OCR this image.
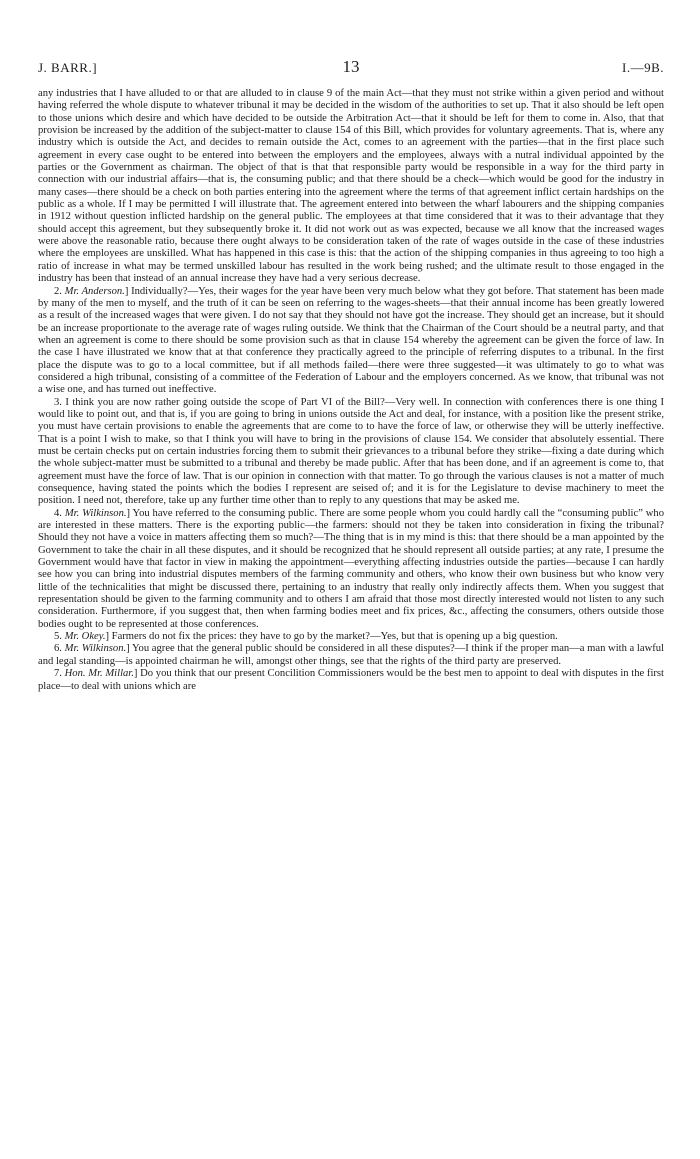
J. BARR.]	13	I.—9B.

any industries that I have alluded to or that are alluded to in clause 9 of the main Act—that they must not strike within a given period and without having referred the whole dispute to whatever tribunal it may be decided in the wisdom of the authorities to set up. That it also should be left open to those unions which desire and which have decided to be outside the Arbitration Act—that it should be left for them to come in. Also, that that provision be increased by the addition of the subject-matter to clause 154 of this Bill, which provides for voluntary agreements. That is, where any industry which is outside the Act, and decides to remain outside the Act, comes to an agreement with the parties—that in the first place such agreement in every case ought to be entered into between the employers and the employees, always with a nutral individual appointed by the parties or the Government as chairman. The object of that is that that responsible party would be responsible in a way for the third party in connection with our industrial affairs—that is, the consuming public; and that there should be a check—which would be good for the industry in many cases—there should be a check on both parties entering into the agreement where the terms of that agreement inflict certain hardships on the public as a whole. If I may be permitted I will illustrate that. The agreement entered into between the wharf labourers and the shipping companies in 1912 without question inflicted hardship on the general public. The employees at that time considered that it was to their advantage that they should accept this agreement, but they subsequently broke it. It did not work out as was expected, because we all know that the increased wages were above the reasonable ratio, because there ought always to be consideration taken of the rate of wages outside in the case of these industries where the employees are unskilled. What has happened in this case is this: that the action of the shipping companies in thus agreeing to too high a ratio of increase in what may be termed unskilled labour has resulted in the work being rushed; and the ultimate result to those engaged in the industry has been that instead of an annual increase they have had a very serious decrease.

2. Mr. Anderson.] Individually?—Yes, their wages for the year have been very much below what they got before. That statement has been made by many of the men to myself, and the truth of it can be seen on referring to the wages-sheets—that their annual income has been greatly lowered as a result of the increased wages that were given. I do not say that they should not have got the increase. They should get an increase, but it should be an increase proportionate to the average rate of wages ruling outside. We think that the Chairman of the Court should be a neutral party, and that when an agreement is come to there should be some provision such as that in clause 154 whereby the agreement can be given the force of law. In the case I have illustrated we know that at that conference they practically agreed to the principle of referring disputes to a tribunal. In the first place the dispute was to go to a local committee, but if all methods failed—there were three suggested—it was ultimately to go to what was considered a high tribunal, consisting of a committee of the Federation of Labour and the employers concerned. As we know, that tribunal was not a wise one, and has turned out ineffective.

3. I think you are now rather going outside the scope of Part VI of the Bill?—Very well. In connection with conferences there is one thing I would like to point out, and that is, if you are going to bring in unions outside the Act and deal, for instance, with a position like the present strike, you must have certain provisions to enable the agreements that are come to to have the force of law, or otherwise they will be utterly ineffective. That is a point I wish to make, so that I think you will have to bring in the provisions of clause 154. We consider that absolutely essential. There must be certain checks put on certain industries forcing them to submit their grievances to a tribunal before they strike—fixing a date during which the whole subject-matter must be submitted to a tribunal and thereby be made public. After that has been done, and if an agreement is come to, that agreement must have the force of law. That is our opinion in connection with that matter. To go through the various clauses is not a matter of much consequence, having stated the points which the bodies I represent are seised of; and it is for the Legislature to devise machinery to meet the position. I need not, therefore, take up any further time other than to reply to any questions that may be asked me.

4. Mr. Wilkinson.] You have referred to the consuming public. There are some people whom you could hardly call the “consuming public” who are interested in these matters. There is the exporting public—the farmers: should not they be taken into consideration in fixing the tribunal? Should they not have a voice in matters affecting them so much?—The thing that is in my mind is this: that there should be a man appointed by the Government to take the chair in all these disputes, and it should be recognized that he should represent all outside parties; at any rate, I presume the Government would have that factor in view in making the appointment—everything affecting industries outside the parties—because I can hardly see how you can bring into industrial disputes members of the farming community and others, who know their own business but who know very little of the technicalities that might be discussed there, pertaining to an industry that really only indirectly affects them. When you suggest that representation should be given to the farming community and to others I am afraid that those most directly interested would not listen to any such consideration. Furthermore, if you suggest that, then when farming bodies meet and fix prices, &c., affecting the consumers, others outside those bodies ought to be represented at those conferences.

5. Mr. Okey.] Farmers do not fix the prices: they have to go by the market?—Yes, but that is opening up a big question.

6. Mr. Wilkinson.] You agree that the general public should be considered in all these disputes?—I think if the proper man—a man with a lawful and legal standing—is appointed chairman he will, amongst other things, see that the rights of the third party are preserved.

7. Hon. Mr. Millar.] Do you think that our present Concilition Commissioners would be the best men to appoint to deal with disputes in the first place—to deal with unions which are
